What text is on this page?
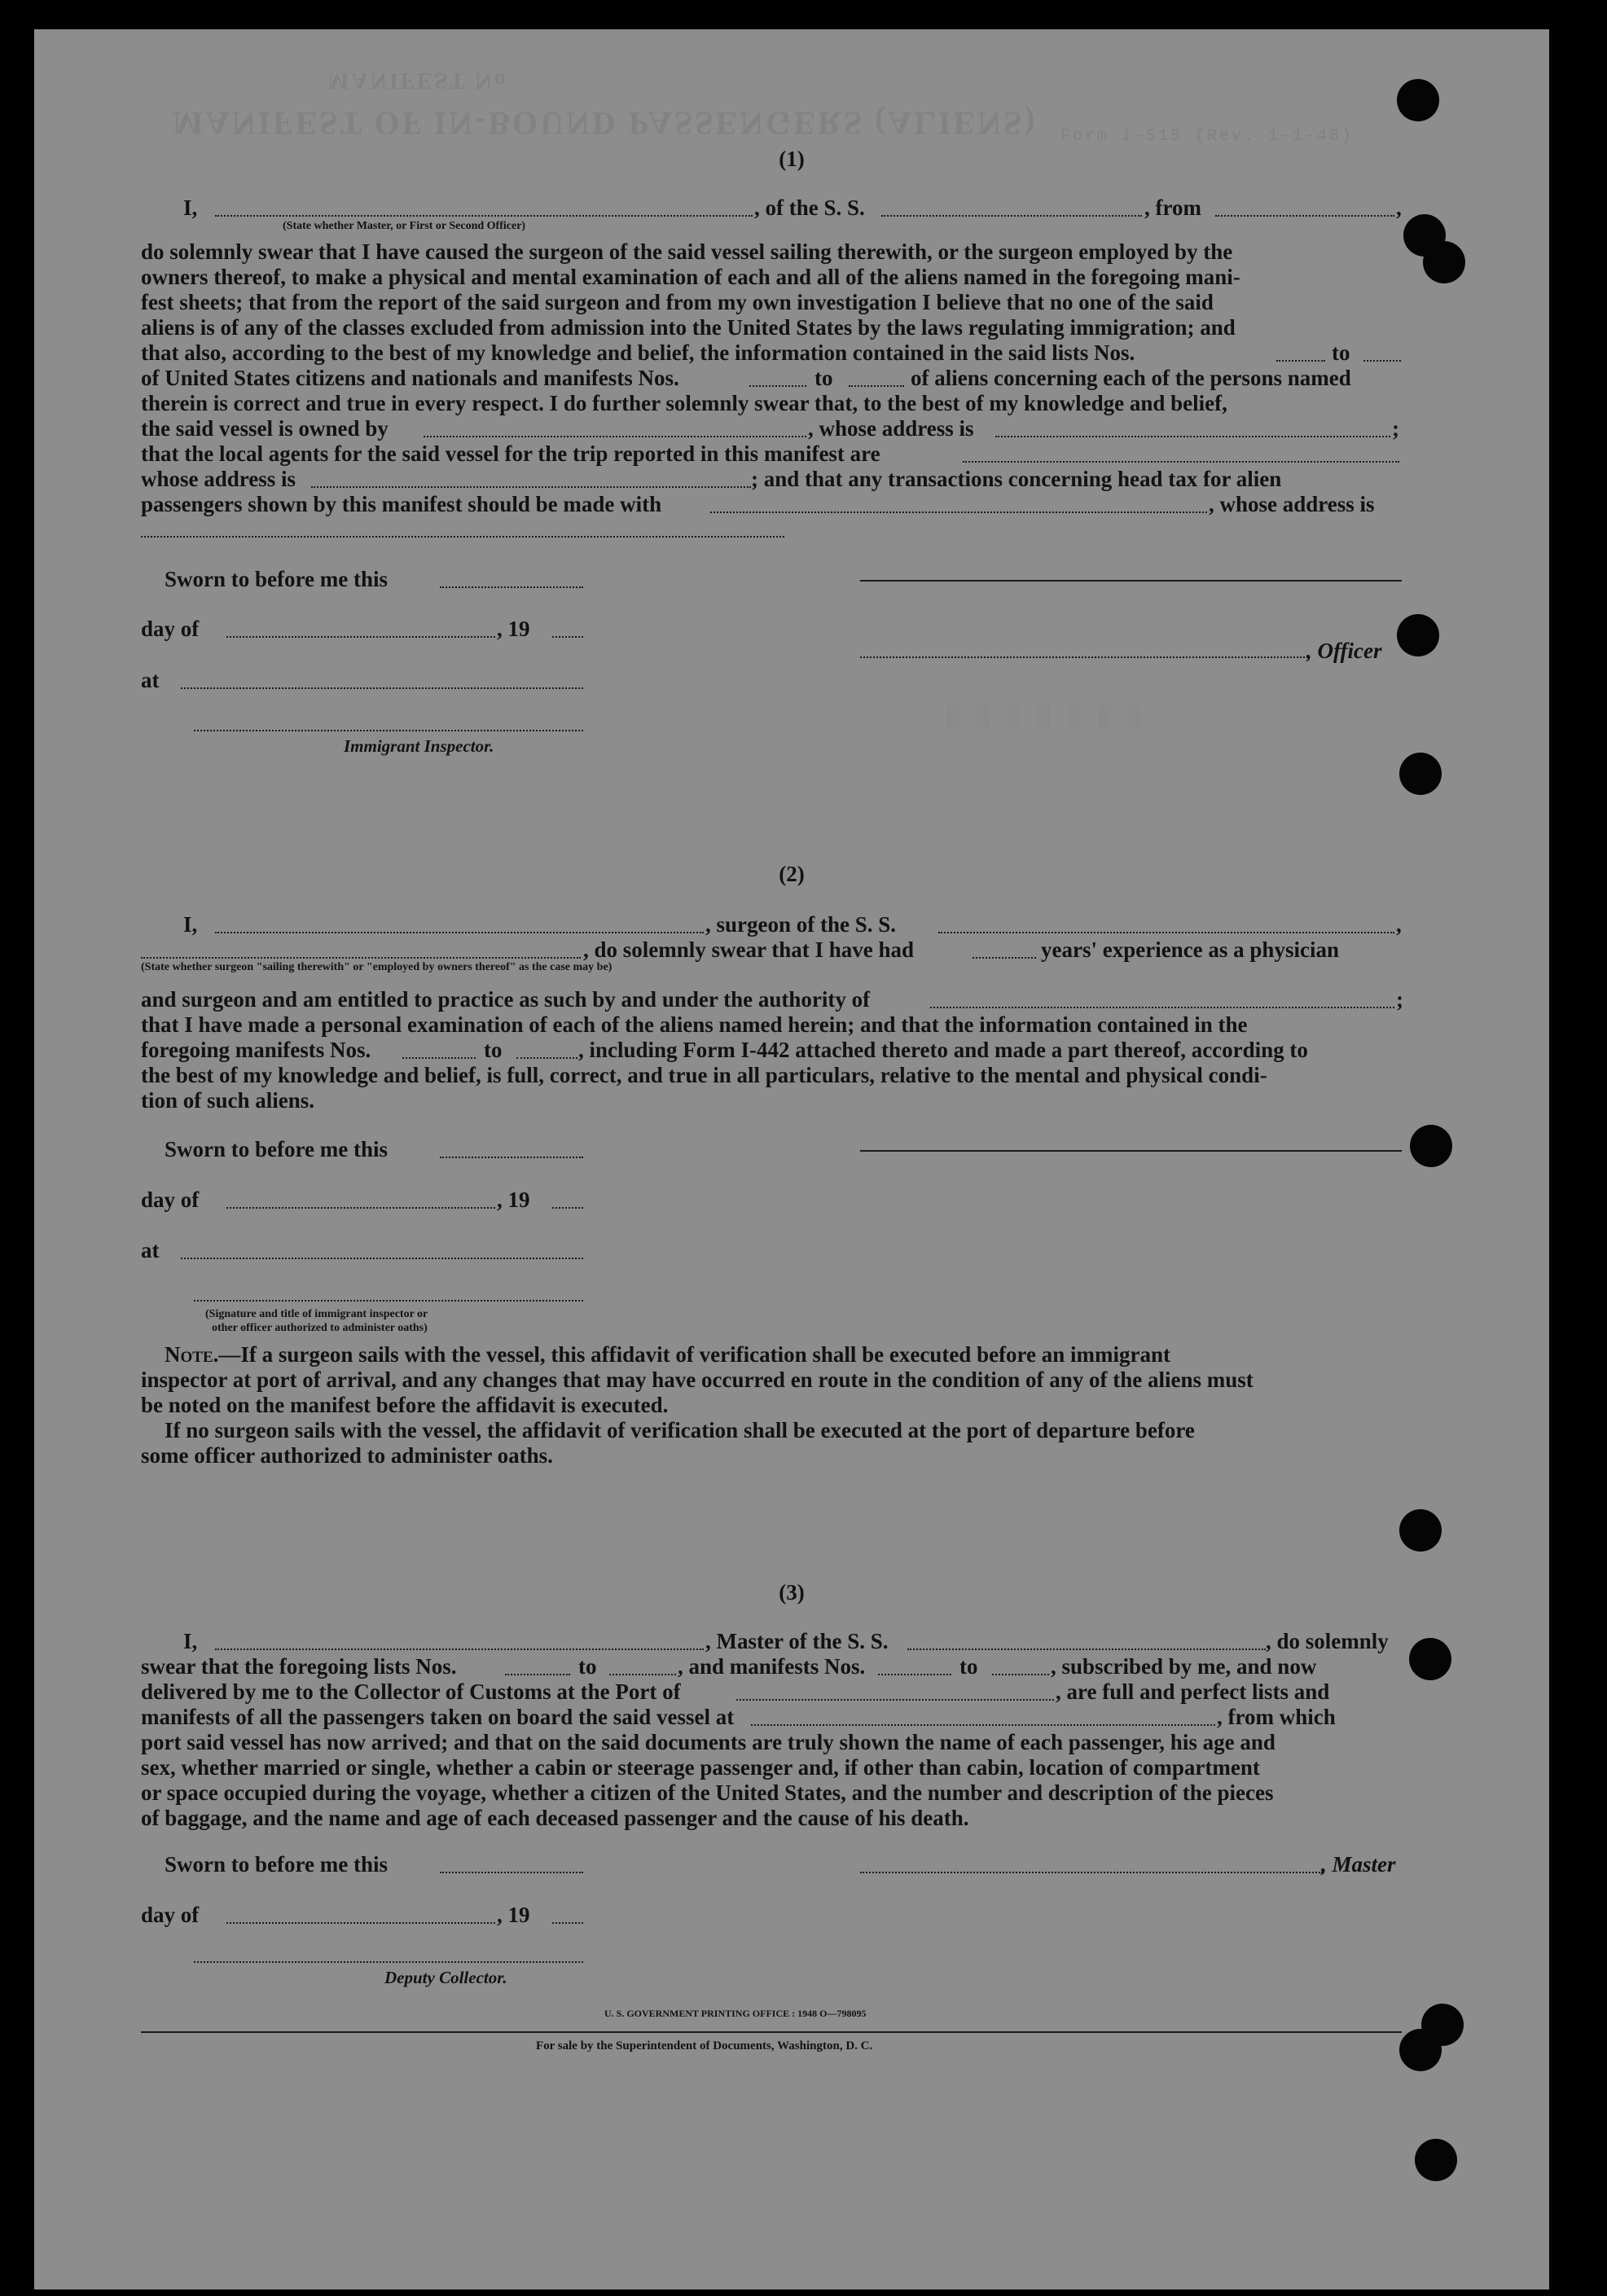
MANIFEST OF IN-BOUND PASSENGERS (ALIENS)
MANIFEST No
Form I-515 (Rev. 1-1-48)
▒ ▒ ▒ ▒ ▒ ▒ ▒
(1)
I,	, of the S. S.	, from	,
(State whether Master, or First or Second Officer)
do solemnly swear that I have caused the surgeon of the said vessel sailing therewith, or the surgeon employed by the
owners thereof, to make a physical and mental examination of each and all of the aliens named in the foregoing mani-
fest sheets; that from the report of the said surgeon and from my own investigation I believe that no one of the said
aliens is of any of the classes excluded from admission into the United States by the laws regulating immigration; and
that also, according to the best of my knowledge and belief, the information contained in the said lists Nos.	to
of United States citizens and nationals and manifests Nos.	to	of aliens concerning each of the persons named
therein is correct and true in every respect. I do further solemnly swear that, to the best of my knowledge and belief,
the said vessel is owned by	, whose address is	;
that the local agents for the said vessel for the trip reported in this manifest are
whose address is	; and that any transactions concerning head tax for alien
passengers shown by this manifest should be made with	, whose address is
Sworn to before me this
day of	, 19
, Officer
at
Immigrant Inspector.
(2)
I,	, surgeon of the S. S.	,
, do solemnly swear that I have had	years' experience as a physician
(State whether surgeon "sailing therewith" or "employed by owners thereof" as the case may be)
and surgeon and am entitled to practice as such by and under the authority of	;
that I have made a personal examination of each of the aliens named herein; and that the information contained in the
foregoing manifests Nos.	to	, including Form I-442 attached thereto and made a part thereof, according to
the best of my knowledge and belief, is full, correct, and true in all particulars, relative to the mental and physical condi-
tion of such aliens.
Sworn to before me this
day of	, 19
at
(Signature and title of immigrant inspector or
other officer authorized to administer oaths)
Note.—If a surgeon sails with the vessel, this affidavit of verification shall be executed before an immigrant
inspector at port of arrival, and any changes that may have occurred en route in the condition of any of the aliens must
be noted on the manifest before the affidavit is executed.
If no surgeon sails with the vessel, the affidavit of verification shall be executed at the port of departure before
some officer authorized to administer oaths.
(3)
I,	, Master of the S. S.	, do solemnly
swear that the foregoing lists Nos.	to	, and manifests Nos.	to	, subscribed by me, and now
delivered by me to the Collector of Customs at the Port of	, are full and perfect lists and
manifests of all the passengers taken on board the said vessel at	, from which
port said vessel has now arrived; and that on the said documents are truly shown the name of each passenger, his age and
sex, whether married or single, whether a cabin or steerage passenger and, if other than cabin, location of compartment
or space occupied during the voyage, whether a citizen of the United States, and the number and description of the pieces
of baggage, and the name and age of each deceased passenger and the cause of his death.
Sworn to before me this	, Master
day of	, 19
Deputy Collector.
U. S. GOVERNMENT PRINTING OFFICE : 1948 O—798095
For sale by the Superintendent of Documents, Washington, D. C.
